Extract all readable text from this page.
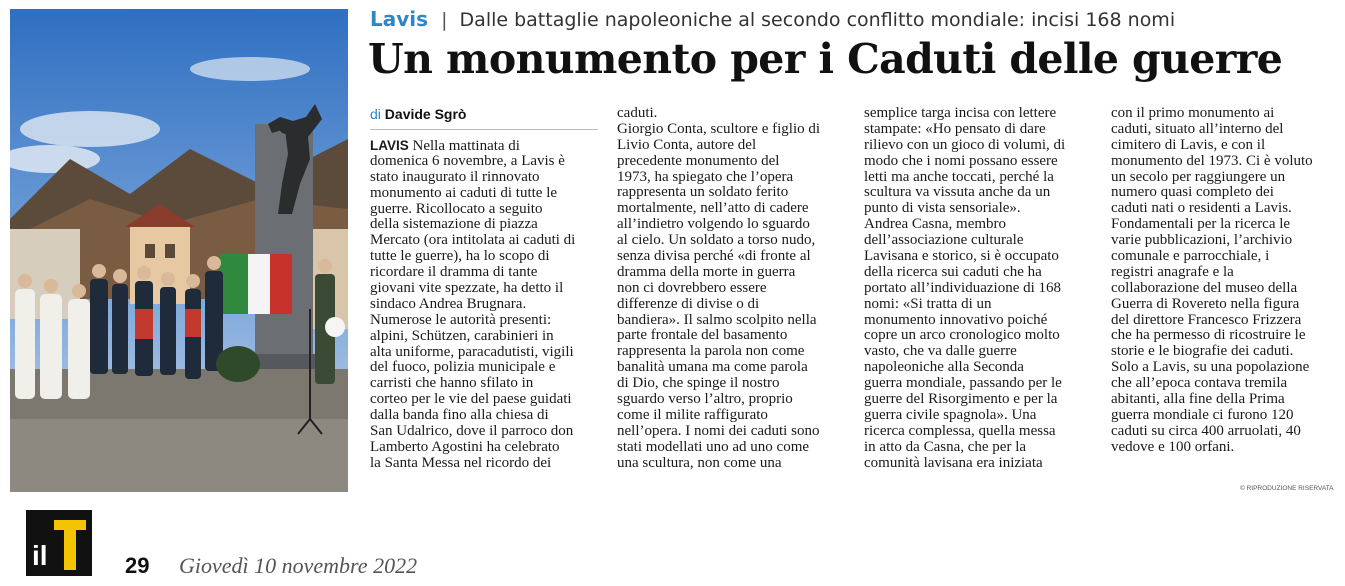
Lavis | Dalle battaglie napoleoniche al secondo conflitto mondiale: incisi 168 nomi
Un monumento per i Caduti delle guerre
di Davide Sgrò
LAVIS Nella mattinata di
domenica 6 novembre, a Lavis è
stato inaugurato il rinnovato
monumento ai caduti di tutte le
guerre. Ricollocato a seguito
della sistemazione di piazza
Mercato (ora intitolata ai caduti di
tutte le guerre), ha lo scopo di
ricordare il dramma di tante
giovani vite spezzate, ha detto il
sindaco Andrea Brugnara.
Numerose le autorità presenti:
alpini, Schützen, carabinieri in
alta uniforme, paracadutisti, vigili
del fuoco, polizia municipale e
carristi che hanno sfilato in
corteo per le vie del paese guidati
dalla banda fino alla chiesa di
San Udalrico, dove il parroco don
Lamberto Agostini ha celebrato
la Santa Messa nel ricordo dei
caduti.
Giorgio Conta, scultore e figlio di
Livio Conta, autore del
precedente monumento del
1973, ha spiegato che l’opera
rappresenta un soldato ferito
mortalmente, nell’atto di cadere
all’indietro volgendo lo sguardo
al cielo. Un soldato a torso nudo,
senza divisa perché «di fronte al
dramma della morte in guerra
non ci dovrebbero essere
differenze di divise o di
bandiera». Il salmo scolpito nella
parte frontale del basamento
rappresenta la parola non come
banalità umana ma come parola
di Dio, che spinge il nostro
sguardo verso l’altro, proprio
come il milite raffigurato
nell’opera. I nomi dei caduti sono
stati modellati uno ad uno come
una scultura, non come una
semplice targa incisa con lettere
stampate: «Ho pensato di dare
rilievo con un gioco di volumi, di
modo che i nomi possano essere
letti ma anche toccati, perché la
scultura va vissuta anche da un
punto di vista sensoriale».
Andrea Casna, membro
dell’associazione culturale
Lavisana e storico, si è occupato
della ricerca sui caduti che ha
portato all’individuazione di 168
nomi: «Si tratta di un
monumento innovativo poiché
copre un arco cronologico molto
vasto, che va dalle guerre
napoleoniche alla Seconda
guerra mondiale, passando per le
guerre del Risorgimento e per la
guerra civile spagnola». Una
ricerca complessa, quella messa
in atto da Casna, che per la
comunità lavisana era iniziata
con il primo monumento ai
caduti, situato all’interno del
cimitero di Lavis, e con il
monumento del 1973. Ci è voluto
un secolo per raggiungere un
numero quasi completo dei
caduti nati o residenti a Lavis.
Fondamentali per la ricerca le
varie pubblicazioni, l’archivio
comunale e parrocchiale, i
registri anagrafe e la
collaborazione del museo della
Guerra di Rovereto nella figura
del direttore Francesco Frizzera
che ha permesso di ricostruire le
storie e le biografie dei caduti.
Solo a Lavis, su una popolazione
che all’epoca contava tremila
abitanti, alla fine della Prima
guerra mondiale ci furono 120
caduti su circa 400 arruolati, 40
vedove e 100 orfani.
© RIPRODUZIONE RISERVATA
il	29 Giovedì 10 novembre 2022
